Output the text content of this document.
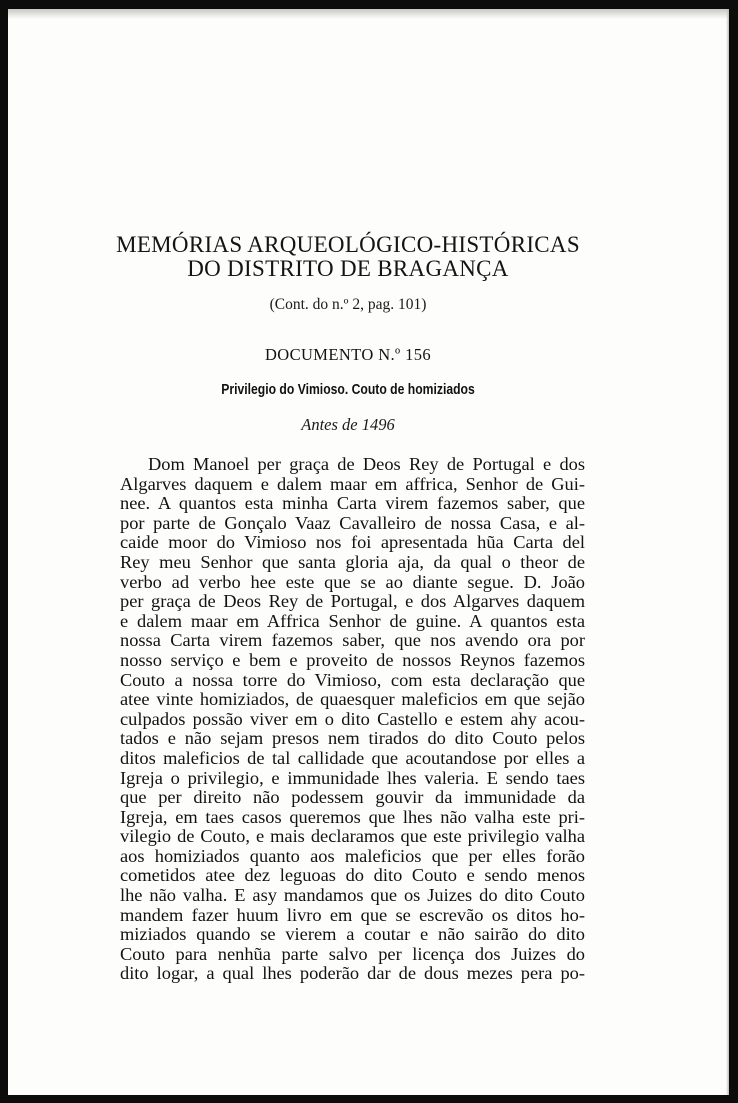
MEMÓRIAS ARQUEOLÓGICO-HISTÓRICAS
DO DISTRITO DE BRAGANÇA
(Cont. do n.º 2, pag. 101)
DOCUMENTO N.º 156
Privilegio do Vimioso. Couto de homiziados
Antes de 1496
Dom Manoel per graça de Deos Rey de Portugal e dos
Algarves daquem e dalem maar em affrica, Senhor de Gui-
nee. A quantos esta minha Carta virem fazemos saber, que
por parte de Gonçalo Vaaz Cavalleiro de nossa Casa, e al-
caide moor do Vimioso nos foi apresentada hũa Carta del
Rey meu Senhor que santa gloria aja, da qual o theor de
verbo ad verbo hee este que se ao diante segue. D. João
per graça de Deos Rey de Portugal, e dos Algarves daquem
e dalem maar em Affrica Senhor de guine. A quantos esta
nossa Carta virem fazemos saber, que nos avendo ora por
nosso serviço e bem e proveito de nossos Reynos fazemos
Couto a nossa torre do Vimioso, com esta declaração que
atee vinte homiziados, de quaesquer maleficios em que sejão
culpados possão viver em o dito Castello e estem ahy acou-
tados e não sejam presos nem tirados do dito Couto pelos
ditos maleficios de tal callidade que acoutandose por elles a
Igreja o privilegio, e immunidade lhes valeria. E sendo taes
que per direito não podessem gouvir da immunidade da
Igreja, em taes casos queremos que lhes não valha este pri-
vilegio de Couto, e mais declaramos que este privilegio valha
aos homiziados quanto aos maleficios que per elles forão
cometidos atee dez leguoas do dito Couto e sendo menos
lhe não valha. E asy mandamos que os Juizes do dito Couto
mandem fazer huum livro em que se escrevão os ditos ho-
miziados quando se vierem a coutar e não sairão do dito
Couto para nenhũa parte salvo per licença dos Juizes do
dito logar, a qual lhes poderão dar de dous mezes pera po-
